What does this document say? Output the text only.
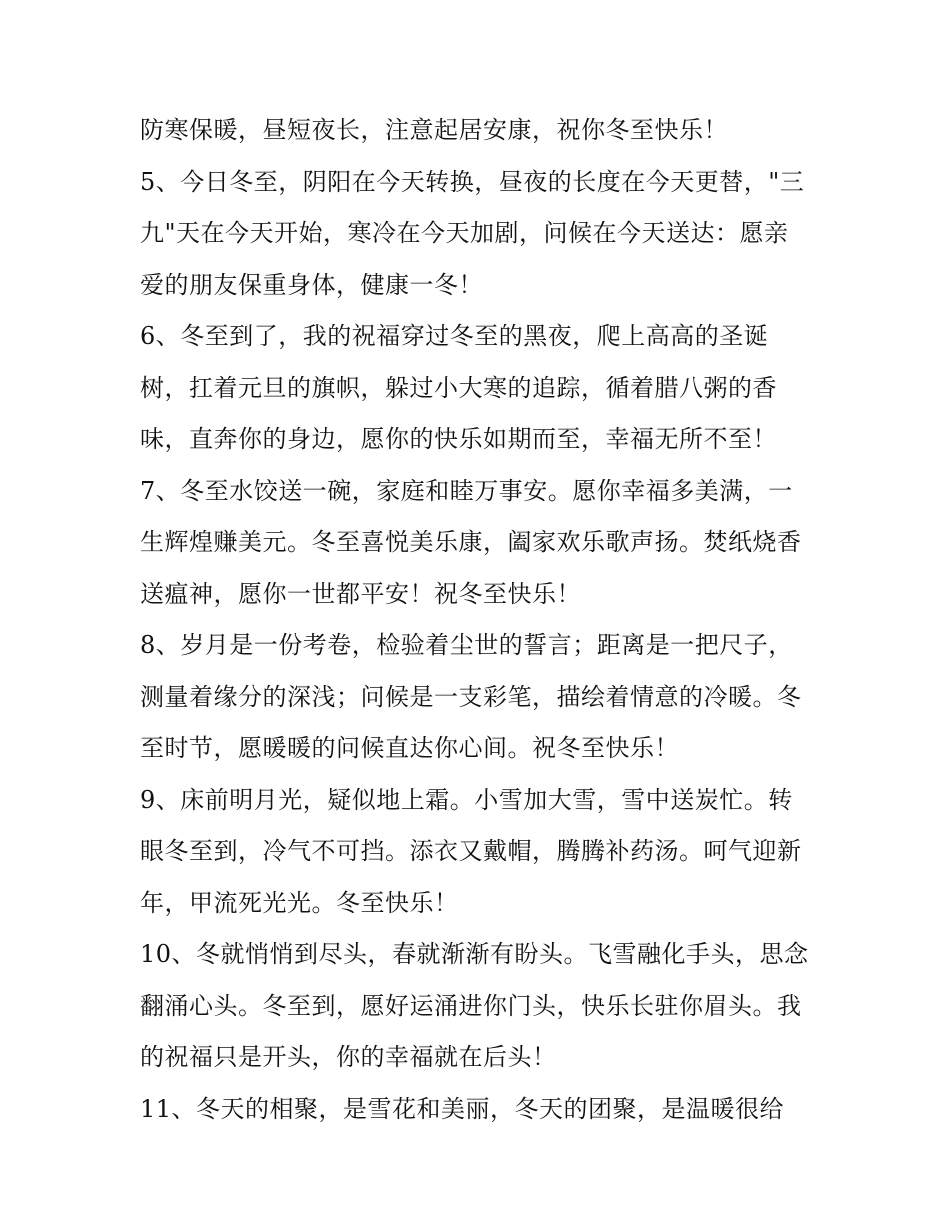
防寒保暖，昼短夜长，注意起居安康，祝你冬至快乐！
5、今日冬至，阴阳在今天转换，昼夜的长度在今天更替，"三
九"天在今天开始，寒冷在今天加剧，问候在今天送达：愿亲
爱的朋友保重身体，健康一冬！
6、冬至到了，我的祝福穿过冬至的黑夜，爬上高高的圣诞
树，扛着元旦的旗帜，躲过小大寒的追踪，循着腊八粥的香
味，直奔你的身边，愿你的快乐如期而至，幸福无所不至！
7、冬至水饺送一碗，家庭和睦万事安。愿你幸福多美满，一
生辉煌赚美元。冬至喜悦美乐康，阖家欢乐歌声扬。焚纸烧香
送瘟神，愿你一世都平安！祝冬至快乐！
8、岁月是一份考卷，检验着尘世的誓言；距离是一把尺子，
测量着缘分的深浅；问候是一支彩笔，描绘着情意的冷暖。冬
至时节，愿暖暖的问候直达你心间。祝冬至快乐！
9、床前明月光，疑似地上霜。小雪加大雪，雪中送炭忙。转
眼冬至到，冷气不可挡。添衣又戴帽，腾腾补药汤。呵气迎新
年，甲流死光光。冬至快乐！
10、冬就悄悄到尽头，春就渐渐有盼头。飞雪融化手头，思念
翻涌心头。冬至到，愿好运涌进你门头，快乐长驻你眉头。我
的祝福只是开头，你的幸福就在后头！
11、冬天的相聚，是雪花和美丽，冬天的团聚，是温暖很给
